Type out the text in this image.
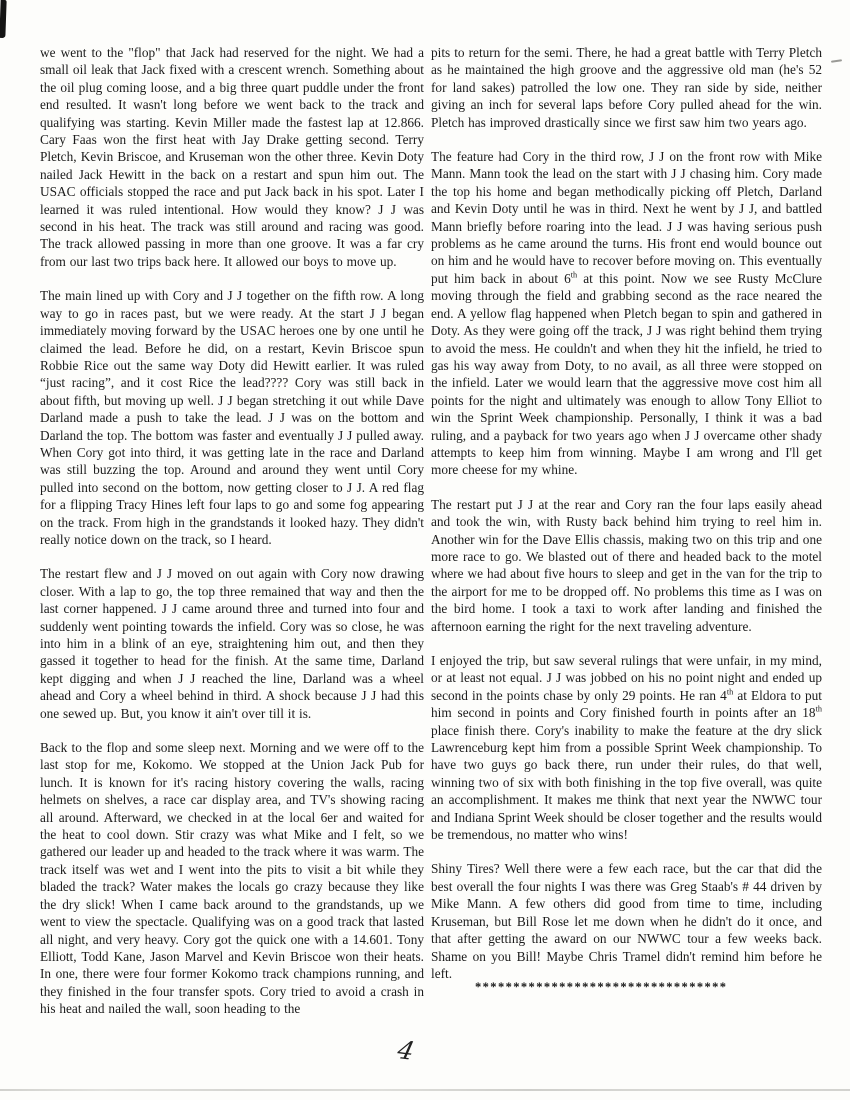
we went to the "flop" that Jack had reserved for the night. We had a small oil leak that Jack fixed with a crescent wrench. Something about the oil plug coming loose, and a big three quart puddle under the front end resulted. It wasn't long before we went back to the track and qualifying was starting. Kevin Miller made the fastest lap at 12.866. Cary Faas won the first heat with Jay Drake getting second. Terry Pletch, Kevin Briscoe, and Kruseman won the other three. Kevin Doty nailed Jack Hewitt in the back on a restart and spun him out. The USAC officials stopped the race and put Jack back in his spot. Later I learned it was ruled intentional. How would they know? J J was second in his heat. The track was still around and racing was good. The track allowed passing in more than one groove. It was a far cry from our last two trips back here. It allowed our boys to move up.

The main lined up with Cory and J J together on the fifth row. A long way to go in races past, but we were ready. At the start J J began immediately moving forward by the USAC heroes one by one until he claimed the lead. Before he did, on a restart, Kevin Briscoe spun Robbie Rice out the same way Doty did Hewitt earlier. It was ruled “just racing”, and it cost Rice the lead???? Cory was still back in about fifth, but moving up well. J J began stretching it out while Dave Darland made a push to take the lead. J J was on the bottom and Darland the top. The bottom was faster and eventually J J pulled away. When Cory got into third, it was getting late in the race and Darland was still buzzing the top. Around and around they went until Cory pulled into second on the bottom, now getting closer to J J. A red flag for a flipping Tracy Hines left four laps to go and some fog appearing on the track. From high in the grandstands it looked hazy. They didn't really notice down on the track, so I heard.

The restart flew and J J moved on out again with Cory now drawing closer. With a lap to go, the top three remained that way and then the last corner happened. J J came around three and turned into four and suddenly went pointing towards the infield. Cory was so close, he was into him in a blink of an eye, straightening him out, and then they gassed it together to head for the finish. At the same time, Darland kept digging and when J J reached the line, Darland was a wheel ahead and Cory a wheel behind in third. A shock because J J had this one sewed up. But, you know it ain't over till it is.

Back to the flop and some sleep next. Morning and we were off to the last stop for me, Kokomo. We stopped at the Union Jack Pub for lunch. It is known for it's racing history covering the walls, racing helmets on shelves, a race car display area, and TV's showing racing all around. Afterward, we checked in at the local 6er and waited for the heat to cool down. Stir crazy was what Mike and I felt, so we gathered our leader up and headed to the track where it was warm. The track itself was wet and I went into the pits to visit a bit while they bladed the track? Water makes the locals go crazy because they like the dry slick! When I came back around to the grandstands, up we went to view the spectacle. Qualifying was on a good track that lasted all night, and very heavy. Cory got the quick one with a 14.601. Tony Elliott, Todd Kane, Jason Marvel and Kevin Briscoe won their heats. In one, there were four former Kokomo track champions running, and they finished in the four transfer spots. Cory tried to avoid a crash in his heat and nailed the wall, soon heading to the

pits to return for the semi. There, he had a great battle with Terry Pletch as he maintained the high groove and the aggressive old man (he's 52 for land sakes) patrolled the low one. They ran side by side, neither giving an inch for several laps before Cory pulled ahead for the win. Pletch has improved drastically since we first saw him two years ago.

The feature had Cory in the third row, J J on the front row with Mike Mann. Mann took the lead on the start with J J chasing him. Cory made the top his home and began methodically picking off Pletch, Darland and Kevin Doty until he was in third. Next he went by J J, and battled Mann briefly before roaring into the lead. J J was having serious push problems as he came around the turns. His front end would bounce out on him and he would have to recover before moving on. This eventually put him back in about 6th at this point. Now we see Rusty McClure moving through the field and grabbing second as the race neared the end. A yellow flag happened when Pletch began to spin and gathered in Doty. As they were going off the track, J J was right behind them trying to avoid the mess. He couldn't and when they hit the infield, he tried to gas his way away from Doty, to no avail, as all three were stopped on the infield. Later we would learn that the aggressive move cost him all points for the night and ultimately was enough to allow Tony Elliot to win the Sprint Week championship. Personally, I think it was a bad ruling, and a payback for two years ago when J J overcame other shady attempts to keep him from winning. Maybe I am wrong and I'll get more cheese for my whine.

The restart put J J at the rear and Cory ran the four laps easily ahead and took the win, with Rusty back behind him trying to reel him in. Another win for the Dave Ellis chassis, making two on this trip and one more race to go. We blasted out of there and headed back to the motel where we had about five hours to sleep and get in the van for the trip to the airport for me to be dropped off. No problems this time as I was on the bird home. I took a taxi to work after landing and finished the afternoon earning the right for the next traveling adventure.

I enjoyed the trip, but saw several rulings that were unfair, in my mind, or at least not equal. J J was jobbed on his no point night and ended up second in the points chase by only 29 points. He ran 4th at Eldora to put him second in points and Cory finished fourth in points after an 18th place finish there. Cory's inability to make the feature at the dry slick Lawrenceburg kept him from a possible Sprint Week championship. To have two guys go back there, run under their rules, do that well, winning two of six with both finishing in the top five overall, was quite an accomplishment. It makes me think that next year the NWWC tour and Indiana Sprint Week should be closer together and the results would be tremendous, no matter who wins!

Shiny Tires? Well there were a few each race, but the car that did the best overall the four nights I was there was Greg Staab's # 44 driven by Mike Mann. A few others did good from time to time, including Kruseman, but Bill Rose let me down when he didn't do it once, and that after getting the award on our NWWC tour a few weeks back. Shame on you Bill! Maybe Chris Tramel didn't remind him before he left.

*********************************
4
